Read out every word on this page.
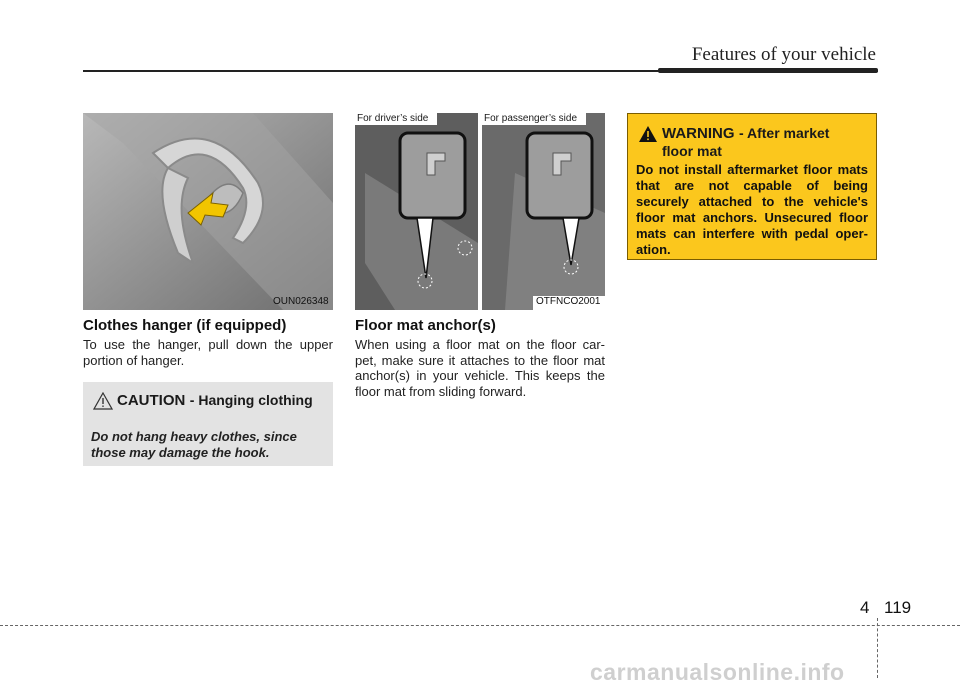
Features of your vehicle
OUN026348
Clothes hanger (if equipped)
To use the hanger, pull down the upper portion of hanger.
CAUTION - Hanging clothing
Do not hang heavy clothes, since those may damage the hook.
For driver’s side	For passenger’s side
OTFNCO2001
Floor mat anchor(s)
When using a floor mat on the floor car- pet, make sure it attaches to the floor mat anchor(s) in your vehicle. This keeps the floor mat from sliding forward.
WARNING - After market floor mat
Do not install aftermarket floor mats that are not capable of being securely attached to the vehicle's floor mat anchors. Unsecured floor mats can interfere with pedal oper- ation.
4 119
carmanualsonline.info
